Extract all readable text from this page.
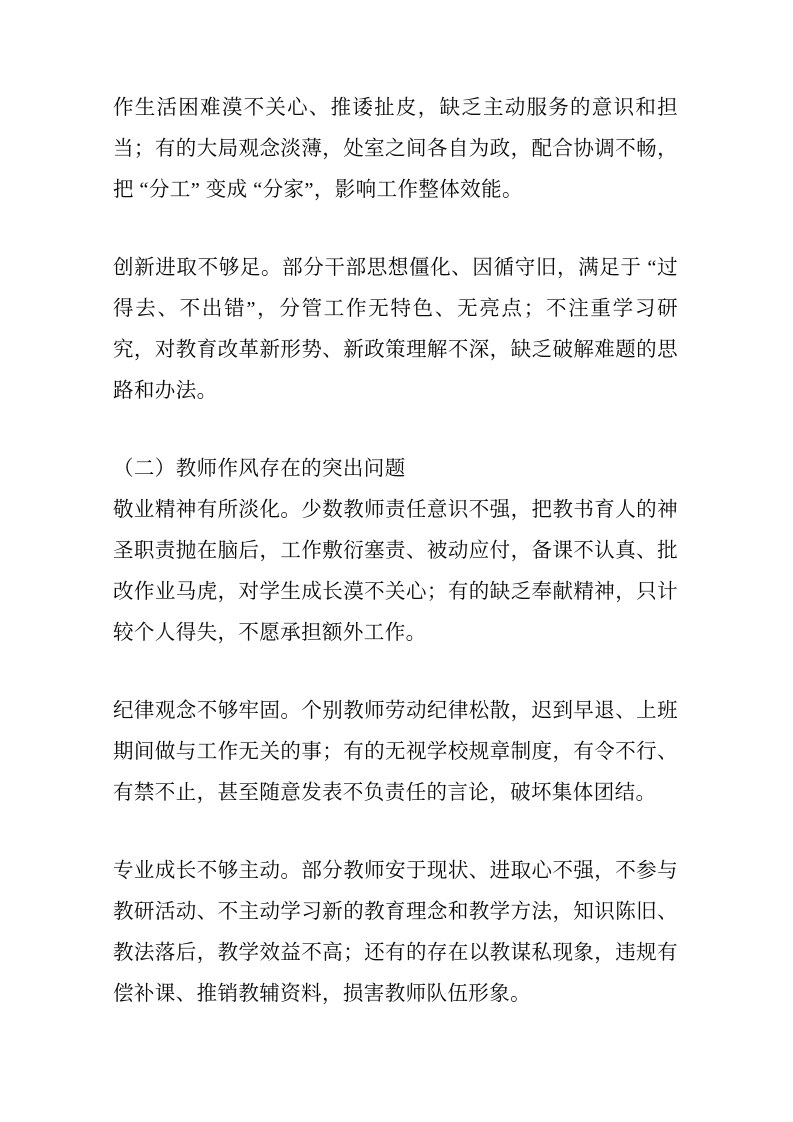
作生活困难漠不关心、推诿扯皮，缺乏主动服务的意识和担当；有的大局观念淡薄，处室之间各自为政，配合协调不畅，把 “分工” 变成 “分家”，影响工作整体效能。

创新进取不够足。部分干部思想僵化、因循守旧，满足于 “过得去、不出错”，分管工作无特色、无亮点；不注重学习研究，对教育改革新形势、新政策理解不深，缺乏破解难题的思路和办法。

（二）教师作风存在的突出问题

敬业精神有所淡化。少数教师责任意识不强，把教书育人的神圣职责抛在脑后，工作敷衍塞责、被动应付，备课不认真、批改作业马虎，对学生成长漠不关心；有的缺乏奉献精神，只计较个人得失，不愿承担额外工作。

纪律观念不够牢固。个别教师劳动纪律松散，迟到早退、上班期间做与工作无关的事；有的无视学校规章制度，有令不行、有禁不止，甚至随意发表不负责任的言论，破坏集体团结。

专业成长不够主动。部分教师安于现状、进取心不强，不参与教研活动、不主动学习新的教育理念和教学方法，知识陈旧、教法落后，教学效益不高；还有的存在以教谋私现象，违规有偿补课、推销教辅资料，损害教师队伍形象。
